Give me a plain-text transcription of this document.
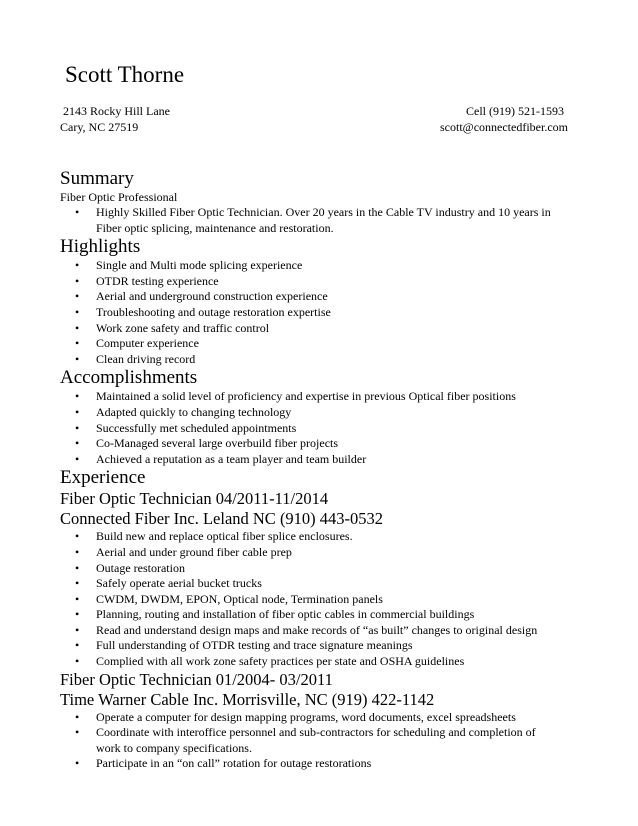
Scott Thorne
2143 Rocky Hill Lane
Cary, NC 27519
Cell (919) 521-1593
scott@connectedfiber.com
Summary
Fiber Optic Professional
• Highly Skilled Fiber Optic Technician. Over 20 years in the Cable TV industry and 10 years in
Fiber optic splicing, maintenance and restoration.
Highlights
• Single and Multi mode splicing experience
• OTDR testing experience
• Aerial and underground construction experience
• Troubleshooting and outage restoration expertise
• Work zone safety and traffic control
• Computer experience
• Clean driving record
Accomplishments
• Maintained a solid level of proficiency and expertise in previous Optical fiber positions
• Adapted quickly to changing technology
• Successfully met scheduled appointments
• Co-Managed several large overbuild fiber projects
• Achieved a reputation as a team player and team builder
Experience
Fiber Optic Technician 04/2011-11/2014
Connected Fiber Inc. Leland NC (910) 443-0532
• Build new and replace optical fiber splice enclosures.
• Aerial and under ground fiber cable prep
• Outage restoration
• Safely operate aerial bucket trucks
• CWDM, DWDM, EPON, Optical node, Termination panels
• Planning, routing and installation of fiber optic cables in commercial buildings
• Read and understand design maps and make records of “as built” changes to original design
• Full understanding of OTDR testing and trace signature meanings
• Complied with all work zone safety practices per state and OSHA guidelines
Fiber Optic Technician 01/2004- 03/2011
Time Warner Cable Inc. Morrisville, NC (919) 422-1142
• Operate a computer for design mapping programs, word documents, excel spreadsheets
• Coordinate with interoffice personnel and sub-contractors for scheduling and completion of
work to company specifications.
• Participate in an “on call” rotation for outage restorations
